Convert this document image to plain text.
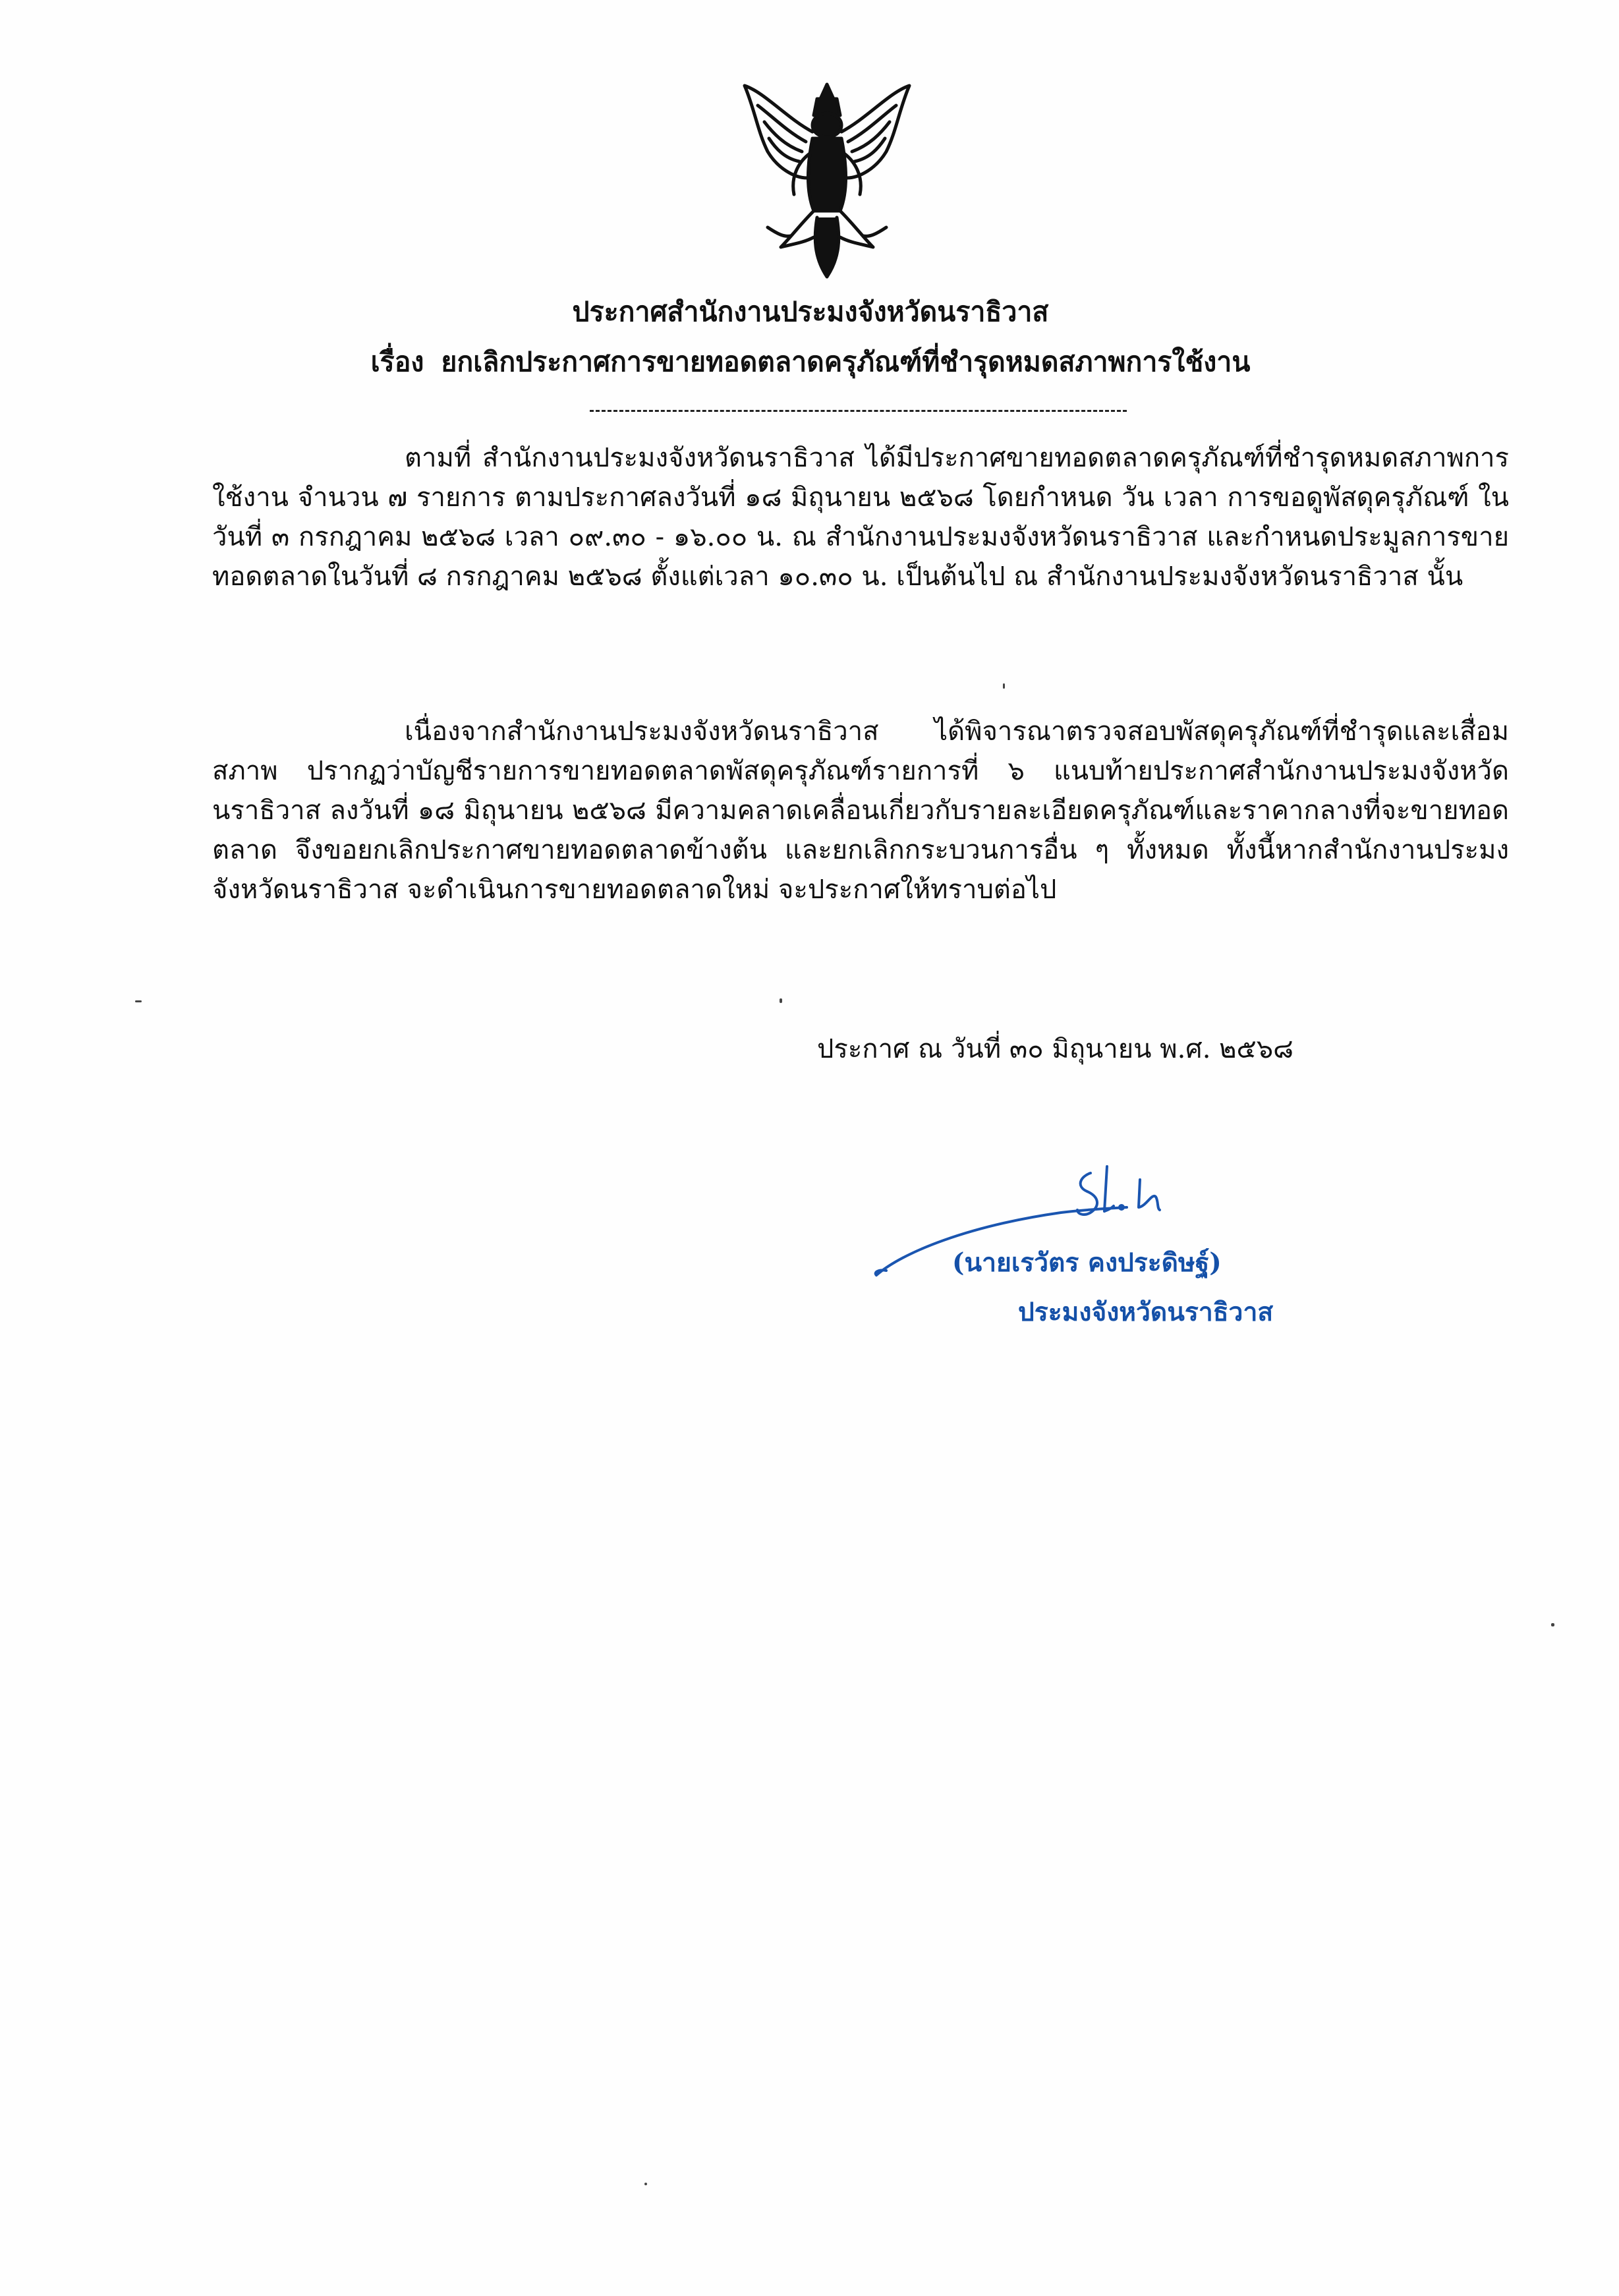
ประกาศสำนักงานประมงจังหวัดนราธิวาส
เรื่อง ยกเลิกประกาศการขายทอดตลาดครุภัณฑ์ที่ชำรุดหมดสภาพการใช้งาน

ตามที่ สำนักงานประมงจังหวัดนราธิวาส ได้มีประกาศขายทอดตลาดครุภัณฑ์ที่ชำรุดหมดสภาพการใช้งาน จำนวน ๗ รายการ ตามประกาศลงวันที่ ๑๘ มิถุนายน ๒๕๖๘ โดยกำหนด วัน เวลา การขอดูพัสดุครุภัณฑ์ ในวันที่ ๓ กรกฎาคม ๒๕๖๘ เวลา ๐๙.๓๐ - ๑๖.๐๐ น. ณ สำนักงานประมงจังหวัดนราธิวาส และกำหนดประมูลการขายทอดตลาดในวันที่ ๘ กรกฎาคม ๒๕๖๘ ตั้งแต่เวลา ๑๐.๓๐ น. เป็นต้นไป ณ สำนักงานประมงจังหวัดนราธิวาส นั้น

เนื่องจากสำนักงานประมงจังหวัดนราธิวาส ได้พิจารณาตรวจสอบพัสดุครุภัณฑ์ที่ชำรุดและเสื่อมสภาพ ปรากฏว่าบัญชีรายการขายทอดตลาดพัสดุครุภัณฑ์รายการที่ ๖ แนบท้ายประกาศสำนักงานประมงจังหวัดนราธิวาส ลงวันที่ ๑๘ มิถุนายน ๒๕๖๘ มีความคลาดเคลื่อนเกี่ยวกับรายละเอียดครุภัณฑ์และราคากลางที่จะขายทอดตลาด จึงขอยกเลิกประกาศขายทอดตลาดข้างต้น และยกเลิกกระบวนการอื่น ๆ ทั้งหมด ทั้งนี้หากสำนักงานประมงจังหวัดนราธิวาส จะดำเนินการขายทอดตลาดใหม่ จะประกาศให้ทราบต่อไป

ประกาศ ณ วันที่ ๓๐ มิถุนายน พ.ศ. ๒๕๖๘
(นายเรวัตร คงประดิษฐ์)
ประมงจังหวัดนราธิวาส
